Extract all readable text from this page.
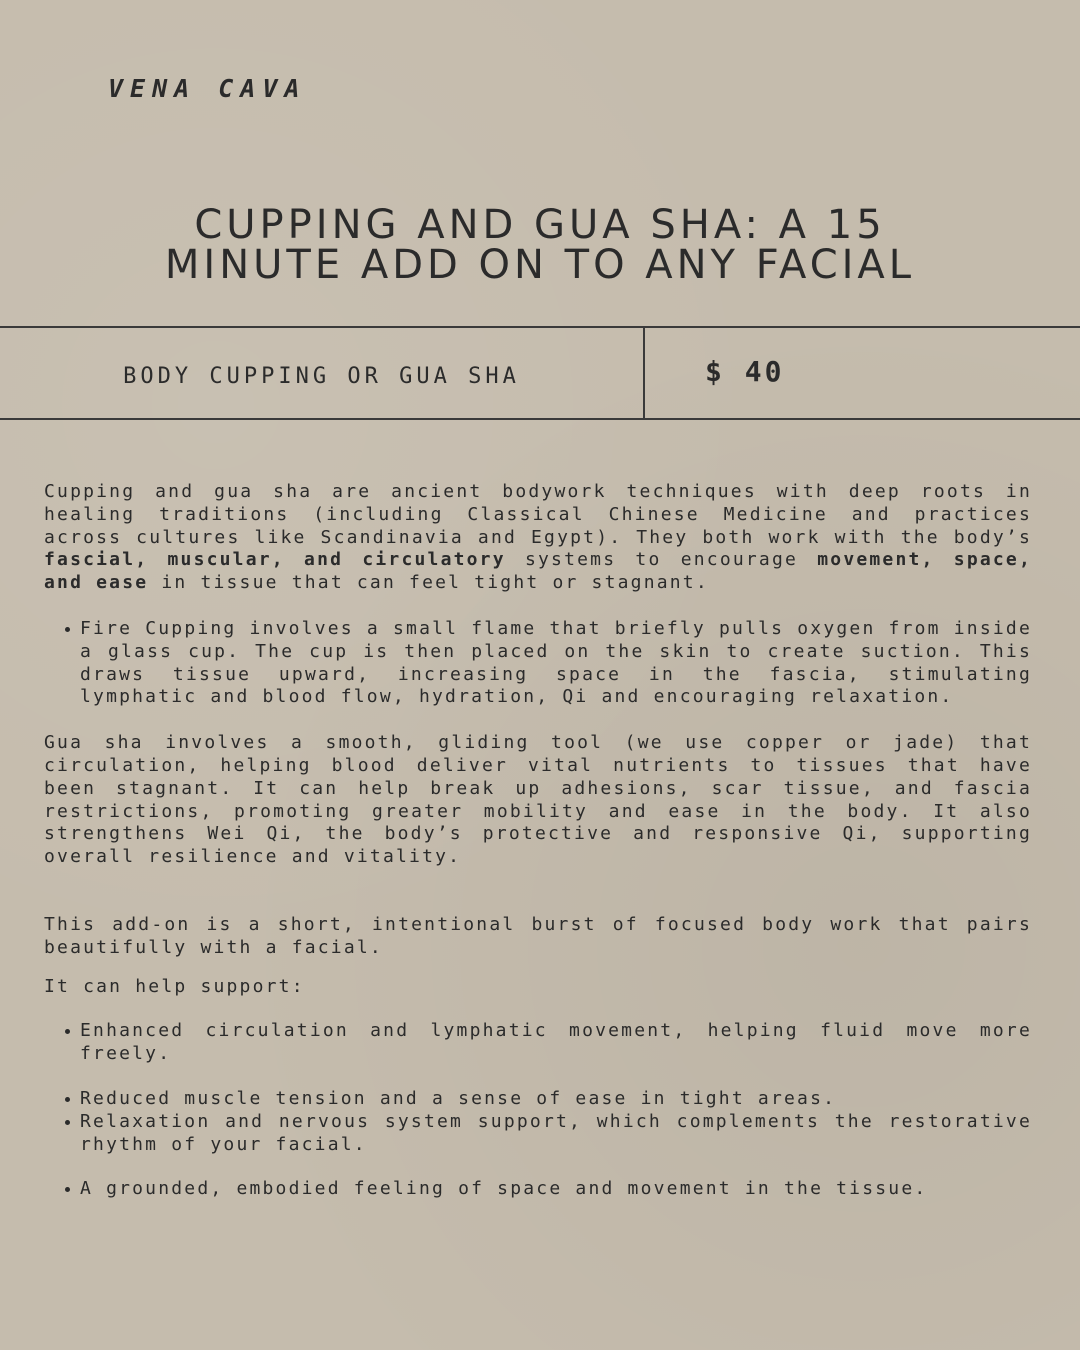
VENA CAVA
CUPPING AND GUA SHA: A 15
MINUTE ADD ON TO ANY FACIAL
BODY CUPPING OR GUA SHA	$ 40

Cupping and gua sha are ancient bodywork techniques with deep roots in healing traditions (including Classical Chinese Medicine and practices across cultures like Scandinavia and Egypt). They both work with the body’s fascial, muscular, and circulatory systems to encourage movement, space, and ease in tissue that can feel tight or stagnant.

Fire Cupping involves a small flame that briefly pulls oxygen from inside a glass cup. The cup is then placed on the skin to create suction. This draws tissue upward, increasing space in the fascia, stimulating lymphatic and blood flow, hydration, Qi and encouraging relaxation.

Gua sha involves a smooth, gliding tool (we use copper or jade) that circulation, helping blood deliver vital nutrients to tissues that have been stagnant. It can help break up adhesions, scar tissue, and fascia restrictions, promoting greater mobility and ease in the body. It also strengthens Wei Qi, the body’s protective and responsive Qi, supporting overall resilience and vitality.

This add-on is a short, intentional burst of focused body work that pairs beautifully with a facial.

It can help support:

Enhanced circulation and lymphatic movement, helping fluid move more freely.
Reduced muscle tension and a sense of ease in tight areas.
Relaxation and nervous system support, which complements the restorative rhythm of your facial.
A grounded, embodied feeling of space and movement in the tissue.
